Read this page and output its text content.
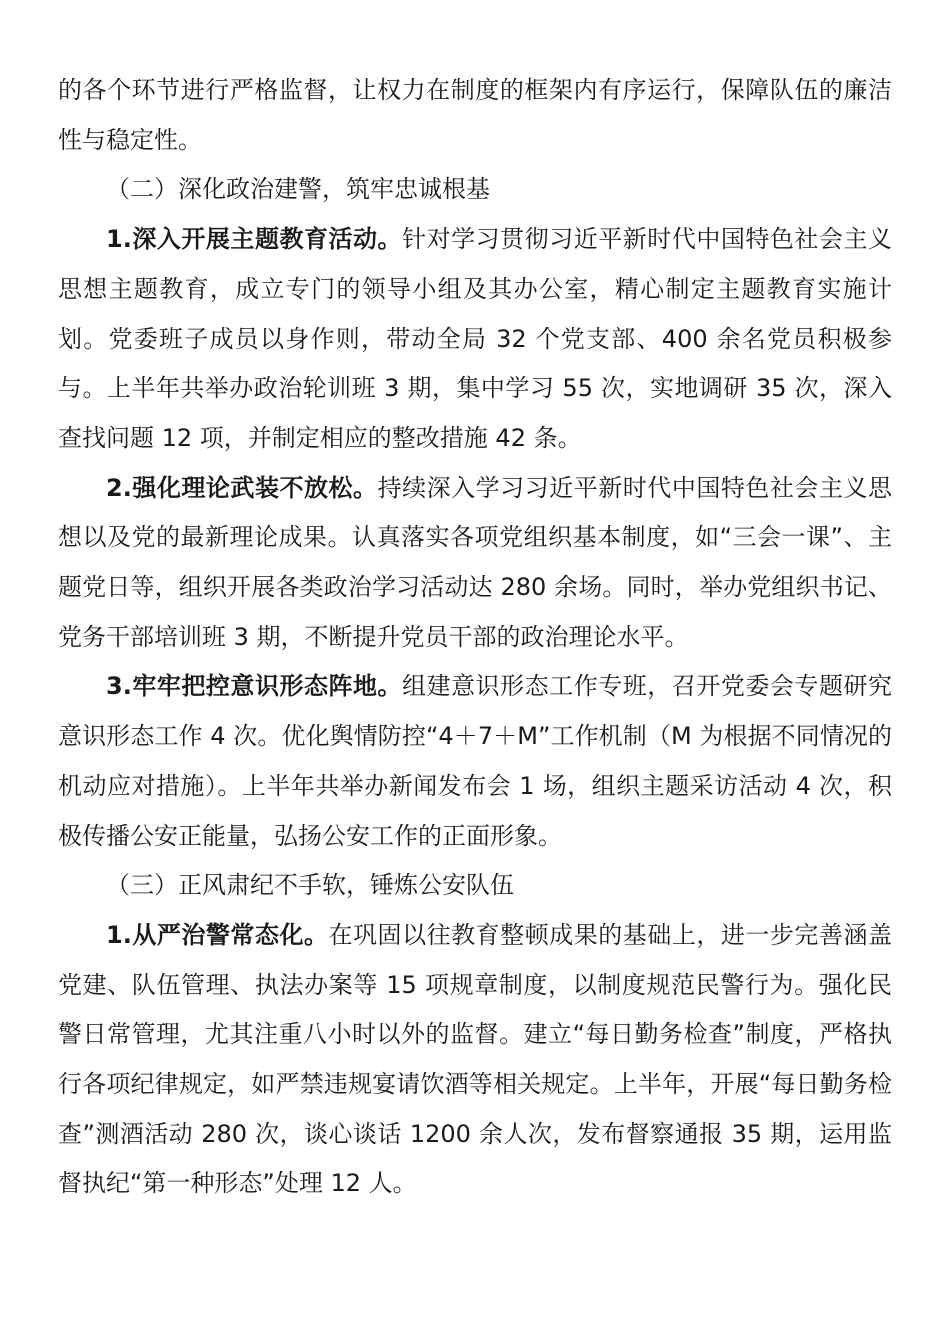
的各个环节进行严格监督，让权力在制度的框架内有序运行，保障队伍的廉洁性与稳定性。

（二）深化政治建警，筑牢忠诚根基

1.深入开展主题教育活动。针对学习贯彻习近平新时代中国特色社会主义思想主题教育，成立专门的领导小组及其办公室，精心制定主题教育实施计划。党委班子成员以身作则，带动全局 32 个党支部、400 余名党员积极参与。上半年共举办政治轮训班 3 期，集中学习 55 次，实地调研 35 次，深入查找问题 12 项，并制定相应的整改措施 42 条。

2.强化理论武装不放松。持续深入学习习近平新时代中国特色社会主义思想以及党的最新理论成果。认真落实各项党组织基本制度，如“三会一课”、主题党日等，组织开展各类政治学习活动达 280 余场。同时，举办党组织书记、党务干部培训班 3 期，不断提升党员干部的政治理论水平。

3.牢牢把控意识形态阵地。组建意识形态工作专班，召开党委会专题研究意识形态工作 4 次。优化舆情防控“4＋7＋M”工作机制（M 为根据不同情况的机动应对措施）。上半年共举办新闻发布会 1 场，组织主题采访活动 4 次，积极传播公安正能量，弘扬公安工作的正面形象。

（三）正风肃纪不手软，锤炼公安队伍

1.从严治警常态化。在巩固以往教育整顿成果的基础上，进一步完善涵盖党建、队伍管理、执法办案等 15 项规章制度，以制度规范民警行为。强化民警日常管理，尤其注重八小时以外的监督。建立“每日勤务检查”制度，严格执行各项纪律规定，如严禁违规宴请饮酒等相关规定。上半年，开展“每日勤务检查”测酒活动 280 次，谈心谈话 1200 余人次，发布督察通报 35 期，运用监督执纪“第一种形态”处理 12 人。
